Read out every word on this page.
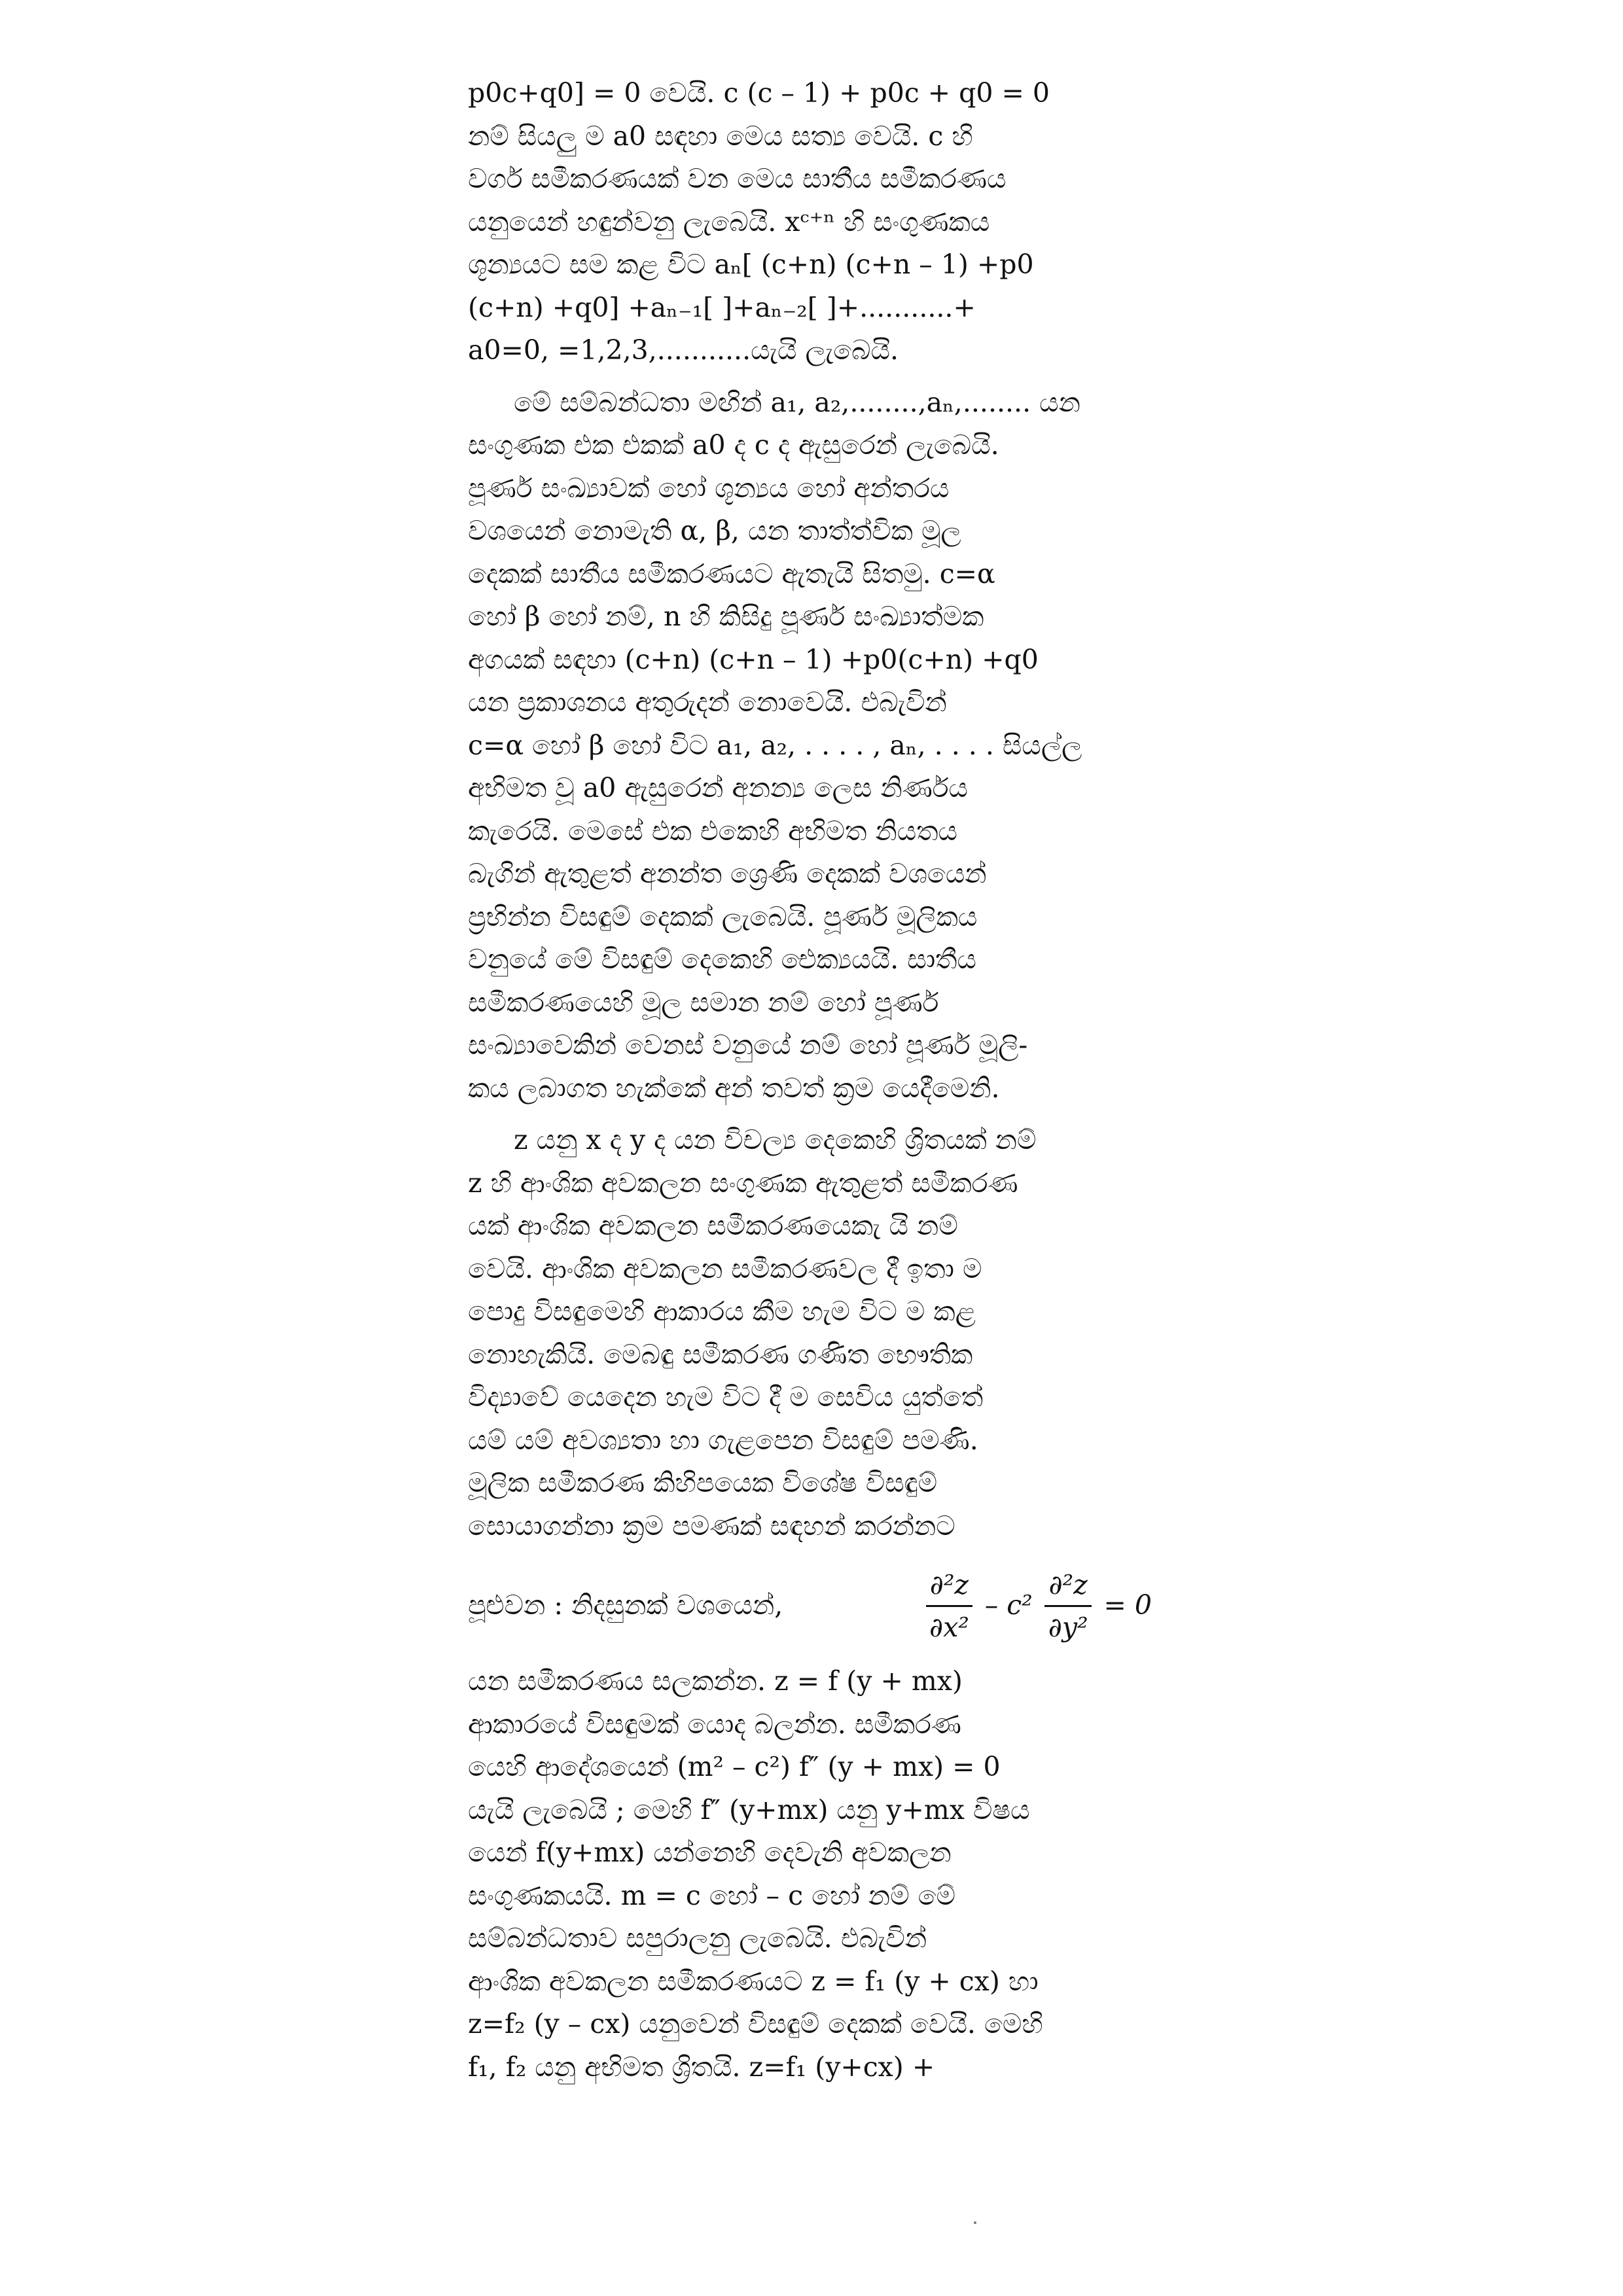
p0c+q0] = 0 වෙයි. c (c – 1) + p0c + q0 = 0
නම් සියලු ම a0 සඳහා මෙය සත්‍ය වෙයි. c හි
වර්ග සමීකරණයක් වන මෙය සාතීය සමීකරණය
යනුයෙන් හඳුන්වනු ලැබෙයි. xᶜ⁺ⁿ හි සංගුණකය
ශූන්‍යයට සම කළ විට aₙ[ (c+n) (c+n – 1) +p0
(c+n) +q0] +aₙ₋₁[ ]+aₙ₋₂[ ]+...........+
a0=0, =1,2,3,...........යැයි ලැබෙයි.
මේ සම්බන්ධතා මඟින් a₁, a₂,........,aₙ,........ යන
සංගුණක එක එකක් a0 ද c ද ඇසුරෙන් ලැබෙයි.
පූර්ණ සංඛ්‍යාවක් හෝ ශූන්‍යය හෝ අන්තරය
වශයෙන් නොමැති α, β, යන තාත්ත්වික මූල
දෙකක් සාතීය සමීකරණයට ඇතැයි සිතමු. c=α
හෝ β හෝ නම්, n හි කිසිදු පූර්ණ සංඛ්‍යාත්මක
අගයක් සඳහා (c+n) (c+n – 1) +p0(c+n) +q0
යන ප්‍රකාශනය අතුරුදන් නොවෙයි. එබැවින්
c=α හෝ β හෝ විට a₁, a₂, . . . . , aₙ, . . . . සියල්ල
අභිමත වූ a0 ඇසුරෙන් අනන්‍ය ලෙස නිර්ණය
කැරෙයි. මෙසේ එක එකෙහි අභිමත නියතය
බැගින් ඇතුළත් අනන්ත ශ්‍රෙණි දෙකක් වශයෙන්
ප්‍රභින්න විසඳුම් දෙකක් ලැබෙයි. පූර්ණ මූලිකය
වනුයේ මේ විසඳුම් දෙකෙහි ඓක්‍යයයි. සාතීය
සමීකරණයෙහි මූල සමාන නම් හෝ පූර්ණ
සංඛ්‍යාවෙකින් වෙනස් වනුයේ නම් හෝ පූර්ණ මූලි-
කය ලබාගත හැක්කේ අන් තවත් ක්‍රම යෙදීමෙනි.
z යනු x ද y ද යන විචල්‍ය දෙකෙහි ශ්‍රිතයක් නම්
z හි ආංශික අවකලන සංගුණක ඇතුළත් සමීකරණ
යක් ආංශික අවකලන සමීකරණයෙකැ යි නම්
වෙයි. ආංශික අවකලන සමීකරණවල දී ඉතා ම
පොදු විසඳුමෙහි ආකාරය කීම හැම විට ම කළ
නොහැකියි. මෙබඳු සමීකරණ ගණිත භෞතික
විද්‍යාවේ යෙදෙන හැම විට දී ම සෙවිය යුත්තේ
යම් යම් අවශ්‍යතා හා ගැළපෙන විසඳුම් පමණි.
මූලික සමීකරණ කිහිපයෙක විශේෂ විසඳුම්
සොයාගන්නා ක්‍රම පමණක් සඳහන් කරන්නට
පූළුවන : නිදසුනක් වශයෙන්,	$\frac{\text{∂²z}}{\text{∂x²}} - c^2 \frac{\text{∂²z}}{\text{∂y²}} = 0$
යන සමීකරණය සලකන්න. z = f (y + mx)
ආකාරයේ විසඳුමක් යොද බලන්න. සමීකරණ
යෙහි ආදේශයෙන් (m² – c²) f″ (y + mx) = 0
යැයි ලැබෙයි ; මෙහි f″ (y+mx) යනු y+mx විෂය
යෙන් f(y+mx) යන්නෙහි දෙවැනි අවකලන
සංගුණකයයි. m = c හෝ – c හෝ නම් මේ
සම්බන්ධතාව සපුරාලනු ලැබෙයි. එබැවින්
ආංශික අවකලන සමීකරණයට z = f₁ (y + cx) හා
z=f₂ (y – cx) යනුවෙන් විසඳුම් දෙකක් වෙයි. මෙහි
f₁, f₂ යනු අභිමත ශ්‍රිතයි. z=f₁ (y+cx) +
